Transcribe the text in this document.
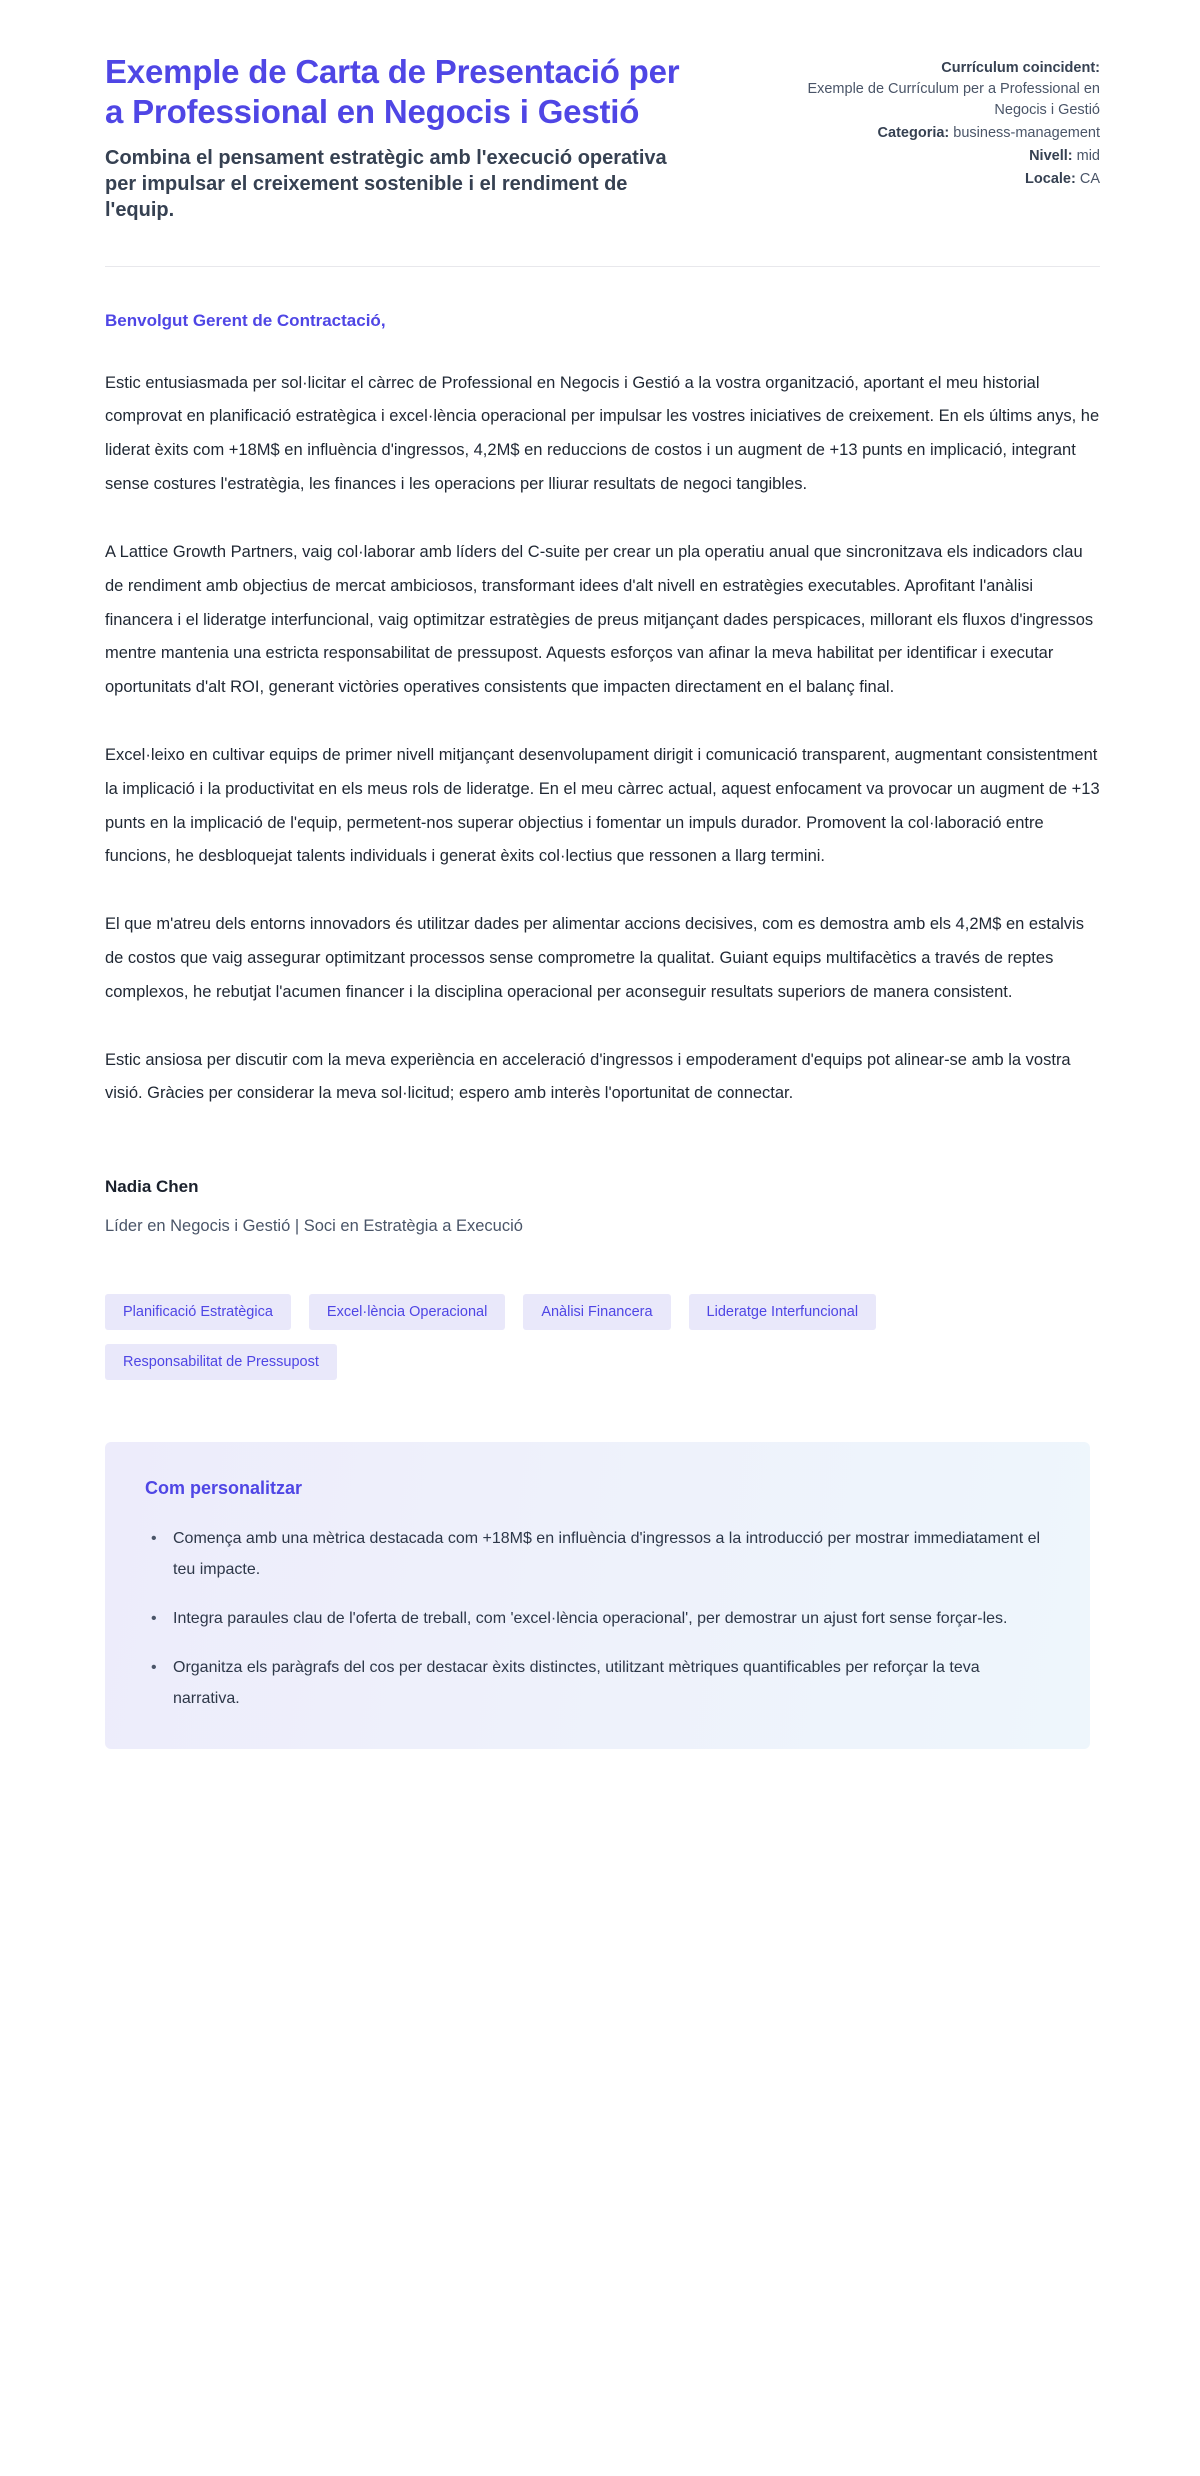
Exemple de Carta de Presentació per a Professional en Negocis i Gestió

Combina el pensament estratègic amb l'execució operativa per impulsar el creixement sostenible i el rendiment de l'equip.

Currículum coincident:
Exemple de Currículum per a Professional en Negocis i Gestió
Categoria: business-management
Nivell: mid
Locale: CA

Benvolgut Gerent de Contractació,

Estic entusiasmada per sol·licitar el càrrec de Professional en Negocis i Gestió a la vostra organització, aportant el meu historial comprovat en planificació estratègica i excel·lència operacional per impulsar les vostres iniciatives de creixement. En els últims anys, he liderat èxits com +18M$ en influència d'ingressos, 4,2M$ en reduccions de costos i un augment de +13 punts en implicació, integrant sense costures l'estratègia, les finances i les operacions per lliurar resultats de negoci tangibles.

A Lattice Growth Partners, vaig col·laborar amb líders del C-suite per crear un pla operatiu anual que sincronitzava els indicadors clau de rendiment amb objectius de mercat ambiciosos, transformant idees d'alt nivell en estratègies executables. Aprofitant l'anàlisi financera i el lideratge interfuncional, vaig optimitzar estratègies de preus mitjançant dades perspicaces, millorant els fluxos d'ingressos mentre mantenia una estricta responsabilitat de pressupost. Aquests esforços van afinar la meva habilitat per identificar i executar oportunitats d'alt ROI, generant victòries operatives consistents que impacten directament en el balanç final.

Excel·leixo en cultivar equips de primer nivell mitjançant desenvolupament dirigit i comunicació transparent, augmentant consistentment la implicació i la productivitat en els meus rols de lideratge. En el meu càrrec actual, aquest enfocament va provocar un augment de +13 punts en la implicació de l'equip, permetent-nos superar objectius i fomentar un impuls durador. Promovent la col·laboració entre funcions, he desbloquejat talents individuals i generat èxits col·lectius que ressonen a llarg termini.

El que m'atreu dels entorns innovadors és utilitzar dades per alimentar accions decisives, com es demostra amb els 4,2M$ en estalvis de costos que vaig assegurar optimitzant processos sense comprometre la qualitat. Guiant equips multifacètics a través de reptes complexos, he rebutjat l'acumen financer i la disciplina operacional per aconseguir resultats superiors de manera consistent.

Estic ansiosa per discutir com la meva experiència en acceleració d'ingressos i empoderament d'equips pot alinear-se amb la vostra visió. Gràcies per considerar la meva sol·licitud; espero amb interès l'oportunitat de connectar.

Nadia Chen
Líder en Negocis i Gestió | Soci en Estratègia a Execució
Planificació Estratègica	Excel·lència Operacional	Anàlisi Financera	Lideratge Interfuncional
Responsabilitat de Pressupost
Com personalitzar
• Comença amb una mètrica destacada com +18M$ en influència d'ingressos a la introducció per mostrar immediatament el teu impacte.
• Integra paraules clau de l'oferta de treball, com 'excel·lència operacional', per demostrar un ajust fort sense forçar-les.
• Organitza els paràgrafs del cos per destacar èxits distinctes, utilitzant mètriques quantificables per reforçar la teva narrativa.
